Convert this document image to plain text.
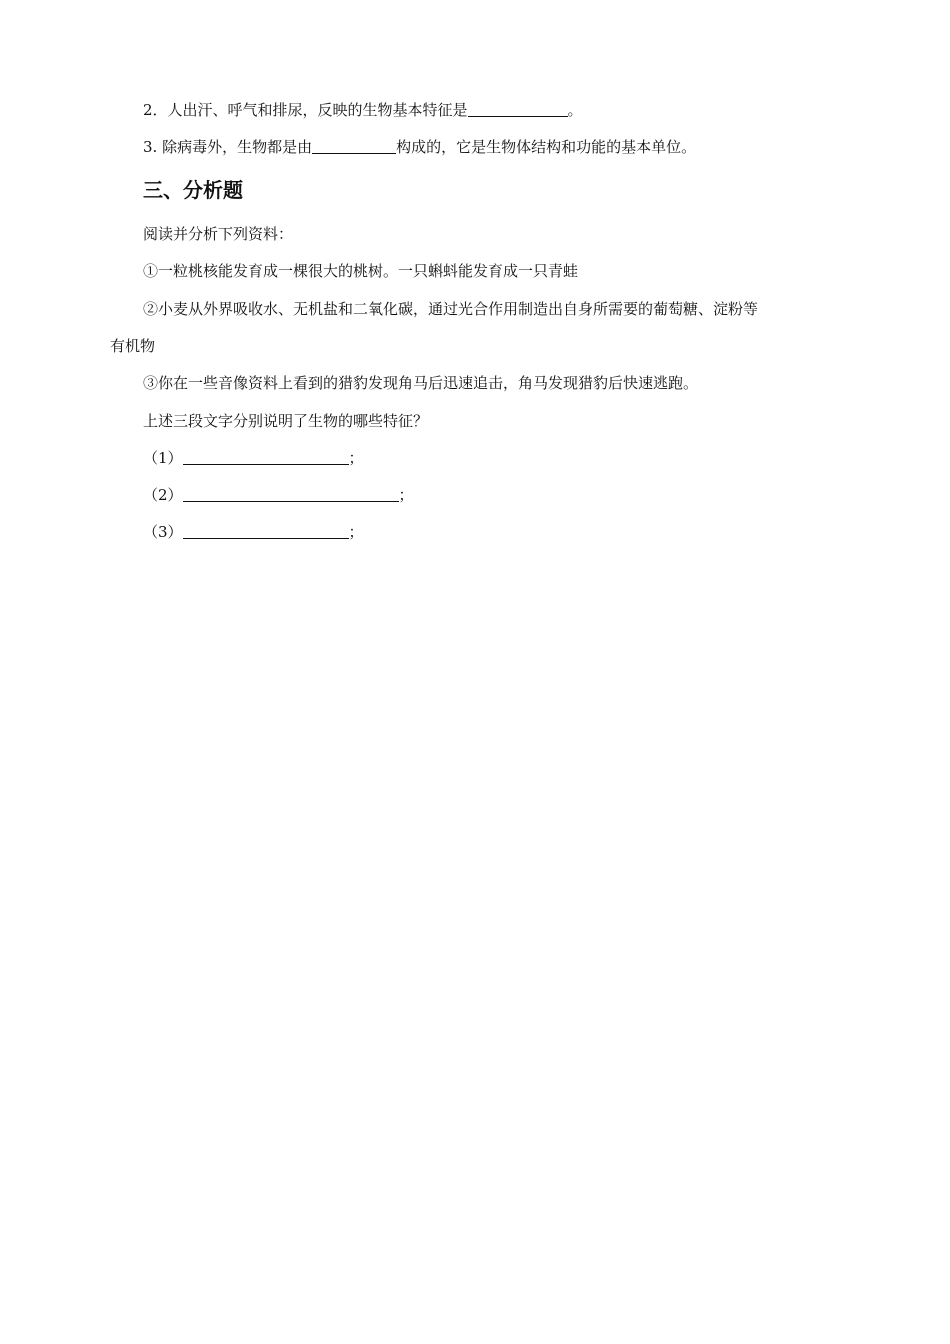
2．人出汗、呼气和排尿，反映的生物基本特征是	。
3. 除病毒外，生物都是由	构成的，它是生物体结构和功能的基本单位。
三、分析题
阅读并分析下列资料：
①一粒桃核能发育成一棵很大的桃树。一只蝌蚪能发育成一只青蛙
②小麦从外界吸收水、无机盐和二氧化碳，通过光合作用制造出自身所需要的葡萄糖、淀粉等
有机物
③你在一些音像资料上看到的猎豹发现角马后迅速追击，角马发现猎豹后快速逃跑。
上述三段文字分别说明了生物的哪些特征？
（1）	；
（2）	；
（3）	；
